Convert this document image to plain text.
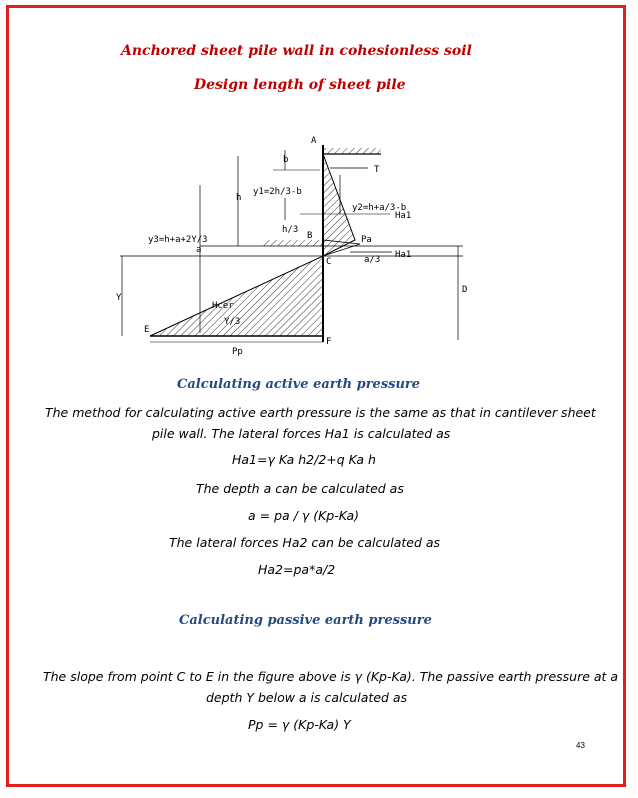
Anchored sheet pile wall in cohesionless soil
Design length of sheet pile
A
b
T
h
y1=2h/3-b
y2=h+a/3-b
Ha1
h/3
B	Pa
y3=h+a+2Y/3
a
C	a/3 Ha1
D
Y
Hcer
Y/3
E
F
Pp
Calculating active earth pressure
The method for calculating active earth pressure is the same as that in cantilever sheet
pile wall. The lateral forces Ha1 is calculated as
Ha1=γ Ka h2/2+q Ka h
The depth a can be calculated as
a = pa / γ (Kp-Ka)
The lateral forces Ha2 can be calculated as
Ha2=pa*a/2
Calculating passive earth pressure
The slope from point C to E in the figure above is γ (Kp-Ka). The passive earth pressure at a
depth Y below a is calculated as
Pp = γ (Kp-Ka) Y
43
